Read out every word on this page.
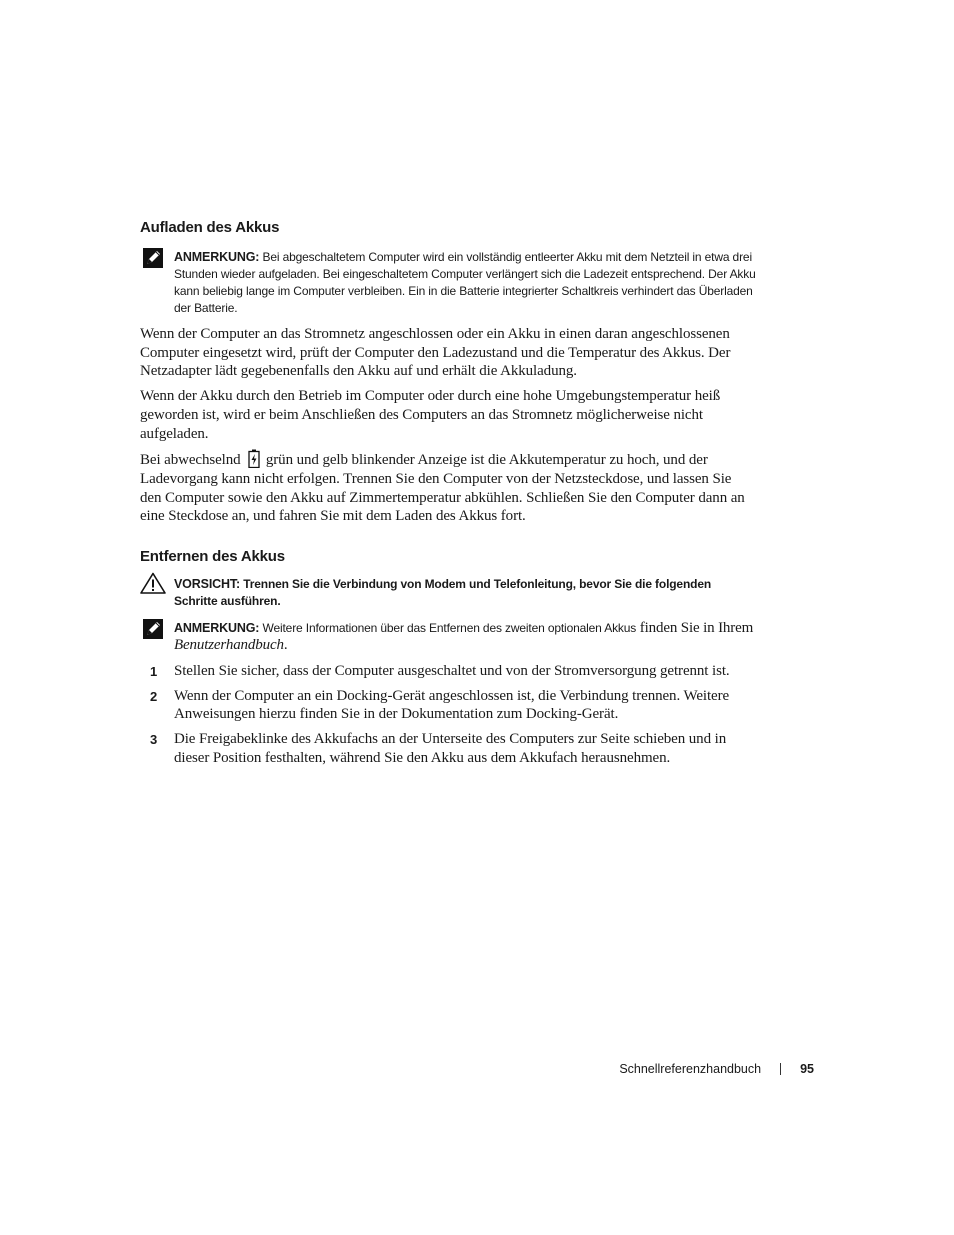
Aufladen des Akkus
ANMERKUNG: Bei abgeschaltetem Computer wird ein vollständig entleerter Akku mit dem Netzteil in etwa drei Stunden wieder aufgeladen. Bei eingeschaltetem Computer verlängert sich die Ladezeit entsprechend. Der Akku kann beliebig lange im Computer verbleiben. Ein in die Batterie integrierter Schaltkreis verhindert das Überladen der Batterie.

Wenn der Computer an das Stromnetz angeschlossen oder ein Akku in einen daran angeschlossenen Computer eingesetzt wird, prüft der Computer den Ladezustand und die Temperatur des Akkus. Der Netzadapter lädt gegebenenfalls den Akku auf und erhält die Akkuladung.

Wenn der Akku durch den Betrieb im Computer oder durch eine hohe Umgebungstemperatur heiß geworden ist, wird er beim Anschließen des Computers an das Stromnetz möglicherweise nicht aufgeladen.

Bei abwechselnd grün und gelb blinkender Anzeige ist die Akkutemperatur zu hoch, und der Ladevorgang kann nicht erfolgen. Trennen Sie den Computer von der Netzsteckdose, und lassen Sie den Computer sowie den Akku auf Zimmertemperatur abkühlen. Schließen Sie den Computer dann an eine Steckdose an, und fahren Sie mit dem Laden des Akkus fort.

Entfernen des Akkus
VORSICHT: Trennen Sie die Verbindung von Modem und Telefonleitung, bevor Sie die folgenden Schritte ausführen.
ANMERKUNG: Weitere Informationen über das Entfernen des zweiten optionalen Akkus finden Sie in Ihrem Benutzerhandbuch.
1 Stellen Sie sicher, dass der Computer ausgeschaltet und von der Stromversorgung getrennt ist.
2 Wenn der Computer an ein Docking-Gerät angeschlossen ist, die Verbindung trennen. Weitere Anweisungen hierzu finden Sie in der Dokumentation zum Docking-Gerät.
3 Die Freigabeklinke des Akkufachs an der Unterseite des Computers zur Seite schieben und in dieser Position festhalten, während Sie den Akku aus dem Akkufach herausnehmen.
Schnellreferenzhandbuch	95
